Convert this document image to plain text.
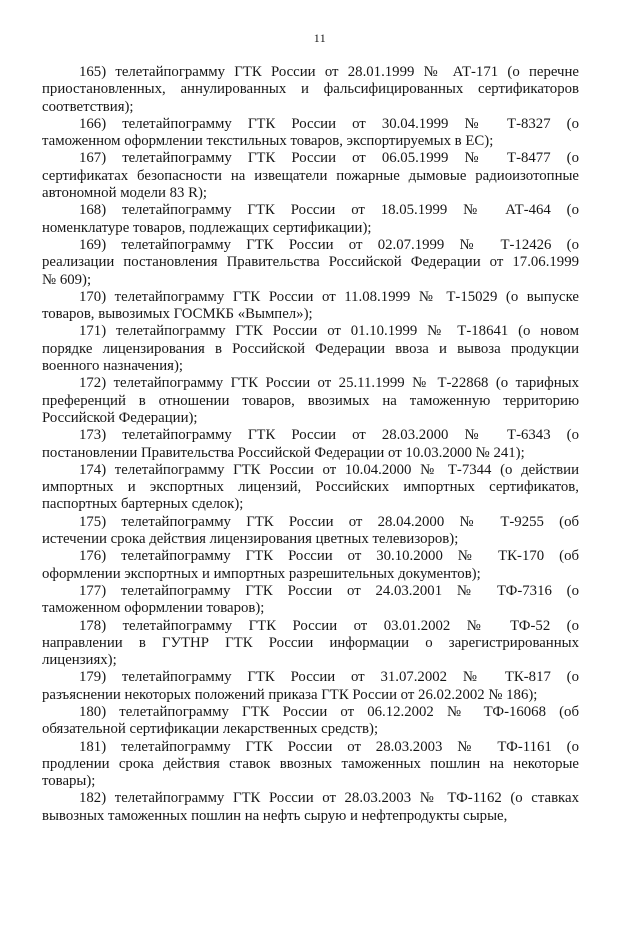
11
165) телетайпограмму ГТК России от 28.01.1999 № АТ-171 (о перечне
приостановленных, аннулированных и фальсифицированных сертификаторов
соответствия);
166) телетайпограмму ГТК России от 30.04.1999 № Т-8327 (о
таможенном оформлении текстильных товаров, экспортируемых в ЕС);
167) телетайпограмму ГТК России от 06.05.1999 № Т-8477 (о
сертификатах безопасности на извещатели пожарные дымовые радиоизотопные
автономной модели 83 R);
168) телетайпограмму ГТК России от 18.05.1999 № АТ-464 (о
номенклатуре товаров, подлежащих сертификации);
169) телетайпограмму ГТК России от 02.07.1999 № Т-12426 (о
реализации постановления Правительства Российской Федерации от 17.06.1999
№ 609);
170) телетайпограмму ГТК России от 11.08.1999 № Т-15029 (о выпуске
товаров, вывозимых ГОСМКБ «Вымпел»);
171) телетайпограмму ГТК России от 01.10.1999 № Т-18641 (о новом
порядке лицензирования в Российской Федерации ввоза и вывоза продукции
военного назначения);
172) телетайпограмму ГТК России от 25.11.1999 № Т-22868 (о тарифных
преференций в отношении товаров, ввозимых на таможенную территорию
Российской Федерации);
173) телетайпограмму ГТК России от 28.03.2000 № Т-6343 (о
постановлении Правительства Российской Федерации от 10.03.2000 № 241);
174) телетайпограмму ГТК России от 10.04.2000 № Т-7344 (о действии
импортных и экспортных лицензий, Российских импортных сертификатов,
паспортных бартерных сделок);
175) телетайпограмму ГТК России от 28.04.2000 № Т-9255 (об
истечении срока действия лицензирования цветных телевизоров);
176) телетайпограмму ГТК России от 30.10.2000 № ТК-170 (об
оформлении экспортных и импортных разрешительных документов);
177) телетайпограмму ГТК России от 24.03.2001 № ТФ-7316 (о
таможенном оформлении товаров);
178) телетайпограмму ГТК России от 03.01.2002 № ТФ-52 (о
направлении в ГУТНР ГТК России информации о зарегистрированных
лицензиях);
179) телетайпограмму ГТК России от 31.07.2002 № ТК-817 (о
разъяснении некоторых положений приказа ГТК России от 26.02.2002 № 186);
180) телетайпограмму ГТК России от 06.12.2002 № ТФ-16068 (об
обязательной сертификации лекарственных средств);
181) телетайпограмму ГТК России от 28.03.2003 № ТФ-1161 (о
продлении срока действия ставок ввозных таможенных пошлин на некоторые
товары);
182) телетайпограмму ГТК России от 28.03.2003 № ТФ-1162 (о ставках
вывозных таможенных пошлин на нефть сырую и нефтепродукты сырые,
